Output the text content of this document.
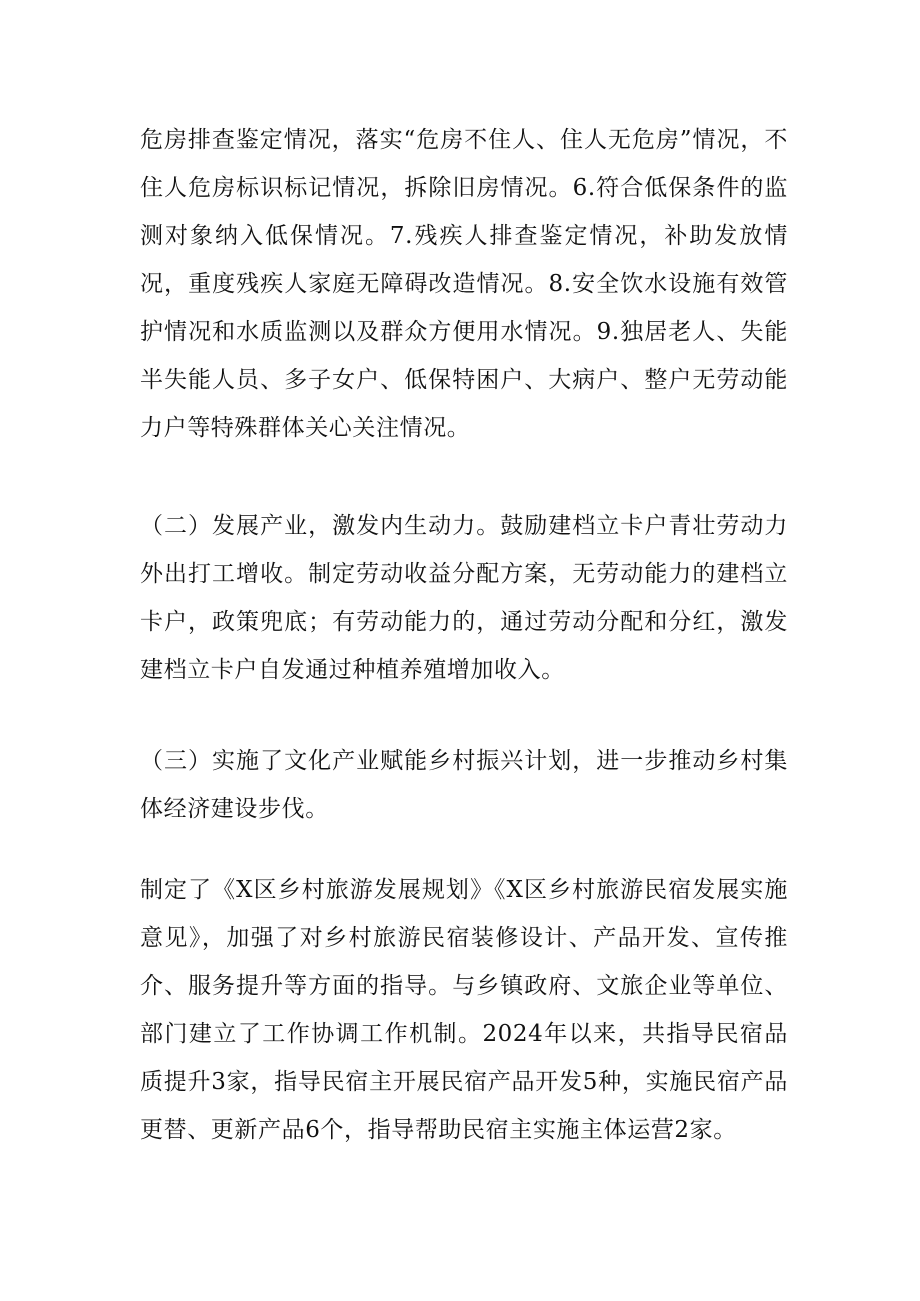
危房排查鉴定情况，落实“危房不住人、住人无危房”情况，不住人危房标识标记情况，拆除旧房情况。6.符合低保条件的监测对象纳入低保情况。7.残疾人排查鉴定情况，补助发放情况，重度残疾人家庭无障碍改造情况。8.安全饮水设施有效管护情况和水质监测以及群众方便用水情况。9.独居老人、失能半失能人员、多子女户、低保特困户、大病户、整户无劳动能力户等特殊群体关心关注情况。

（二）发展产业，激发内生动力。鼓励建档立卡户青壮劳动力外出打工增收。制定劳动收益分配方案，无劳动能力的建档立卡户，政策兜底；有劳动能力的，通过劳动分配和分红，激发建档立卡户自发通过种植养殖增加收入。

（三）实施了文化产业赋能乡村振兴计划，进一步推动乡村集体经济建设步伐。

制定了《X区乡村旅游发展规划》《X区乡村旅游民宿发展实施意见》，加强了对乡村旅游民宿装修设计、产品开发、宣传推介、服务提升等方面的指导。与乡镇政府、文旅企业等单位、部门建立了工作协调工作机制。2024年以来，共指导民宿品质提升3家，指导民宿主开展民宿产品开发5种，实施民宿产品更替、更新产品6个，指导帮助民宿主实施主体运营2家。
